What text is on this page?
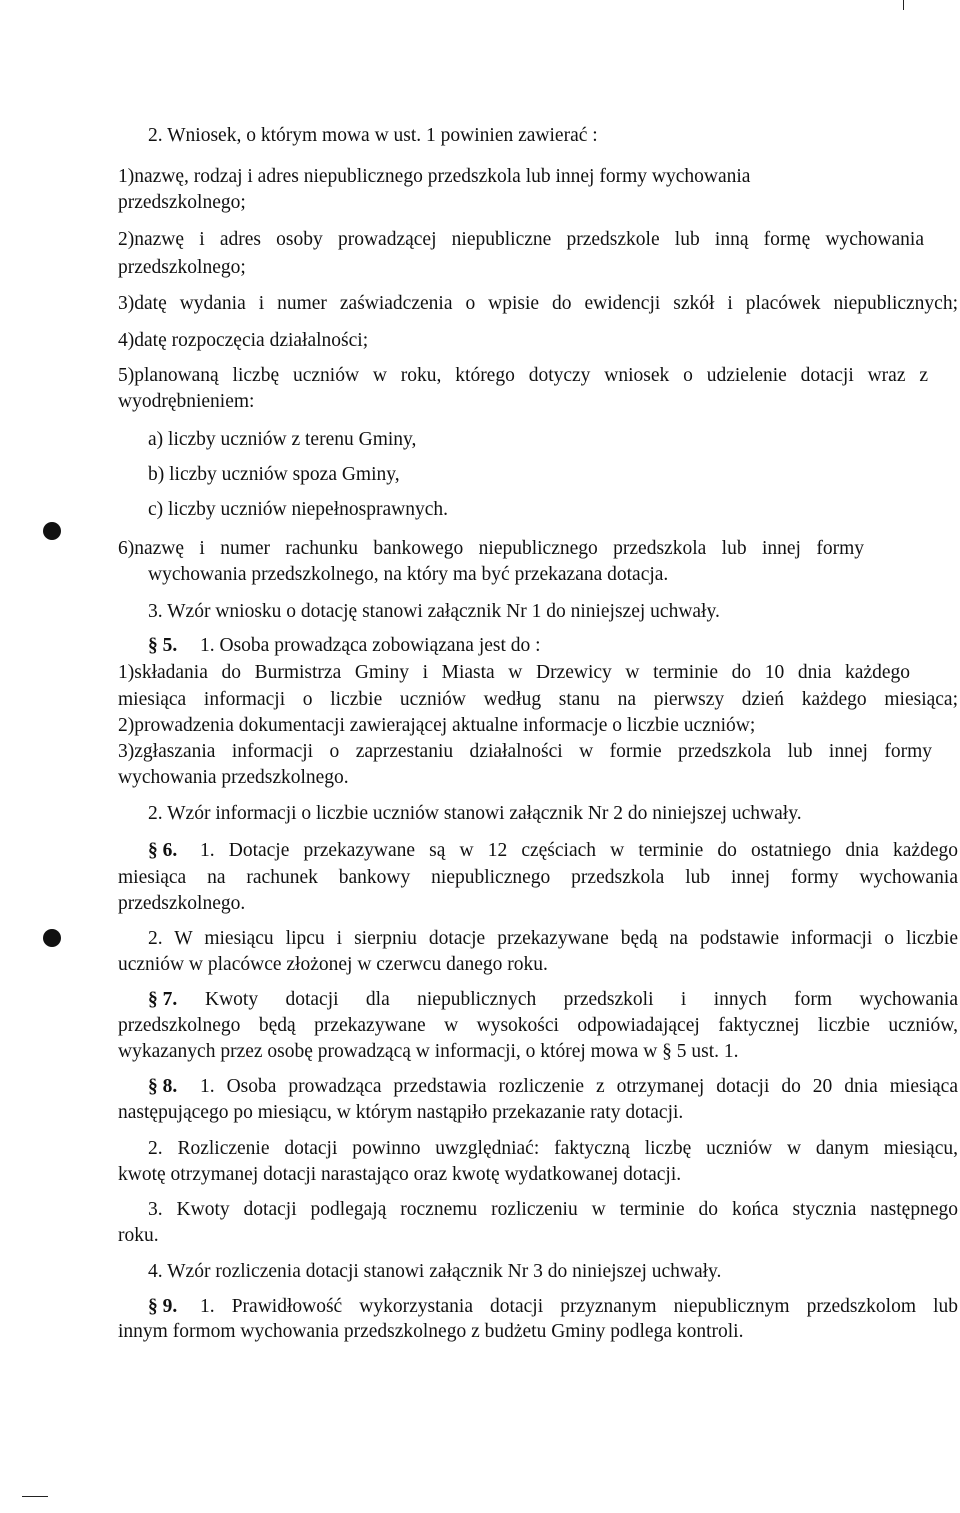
2. Wniosek, o którym mowa w ust. 1 powinien zawierać :
1)nazwę, rodzaj i adres niepublicznego przedszkola lub innej formy wychowania
przedszkolnego;
2)nazwę i adres osoby prowadzącej niepubliczne przedszkole lub inną formę wychowania
przedszkolnego;
3)datę wydania i numer zaświadczenia o wpisie do ewidencji szkół i placówek niepublicznych;
4)datę rozpoczęcia działalności;
5)planowaną liczbę uczniów w roku, którego dotyczy wniosek o udzielenie dotacji wraz z
wyodrębnieniem:
a) liczby uczniów z terenu Gminy,
b) liczby uczniów spoza Gminy,
c) liczby uczniów niepełnosprawnych.
6)nazwę i numer rachunku bankowego niepublicznego przedszkola lub innej formy
wychowania przedszkolnego, na który ma być przekazana dotacja.
3. Wzór wniosku o dotację stanowi załącznik Nr 1 do niniejszej uchwały.
§ 5. 1. Osoba prowadząca zobowiązana jest do :
1)składania do Burmistrza Gminy i Miasta w Drzewicy w terminie do 10 dnia każdego
miesiąca informacji o liczbie uczniów według stanu na pierwszy dzień każdego miesiąca;
2)prowadzenia dokumentacji zawierającej aktualne informacje o liczbie uczniów;
3)zgłaszania informacji o zaprzestaniu działalności w formie przedszkola lub innej formy
wychowania przedszkolnego.
2. Wzór informacji o liczbie uczniów stanowi załącznik Nr 2 do niniejszej uchwały.
§ 6. 1. Dotacje przekazywane są w 12 częściach w terminie do ostatniego dnia każdego
miesiąca na rachunek bankowy niepublicznego przedszkola lub innej formy wychowania
przedszkolnego.
2. W miesiącu lipcu i sierpniu dotacje przekazywane będą na podstawie informacji o liczbie
uczniów w placówce złożonej w czerwcu danego roku.
§ 7. Kwoty dotacji dla niepublicznych przedszkoli i innych form wychowania
przedszkolnego będą przekazywane w wysokości odpowiadającej faktycznej liczbie uczniów,
wykazanych przez osobę prowadzącą w informacji, o której mowa w § 5 ust. 1.
§ 8. 1. Osoba prowadząca przedstawia rozliczenie z otrzymanej dotacji do 20 dnia miesiąca
następującego po miesiącu, w którym nastąpiło przekazanie raty dotacji.
2. Rozliczenie dotacji powinno uwzględniać: faktyczną liczbę uczniów w danym miesiącu,
kwotę otrzymanej dotacji narastająco oraz kwotę wydatkowanej dotacji.
3. Kwoty dotacji podlegają rocznemu rozliczeniu w terminie do końca stycznia następnego
roku.
4. Wzór rozliczenia dotacji stanowi załącznik Nr 3 do niniejszej uchwały.
§ 9. 1. Prawidłowość wykorzystania dotacji przyznanym niepublicznym przedszkolom lub
innym formom wychowania przedszkolnego z budżetu Gminy podlega kontroli.
